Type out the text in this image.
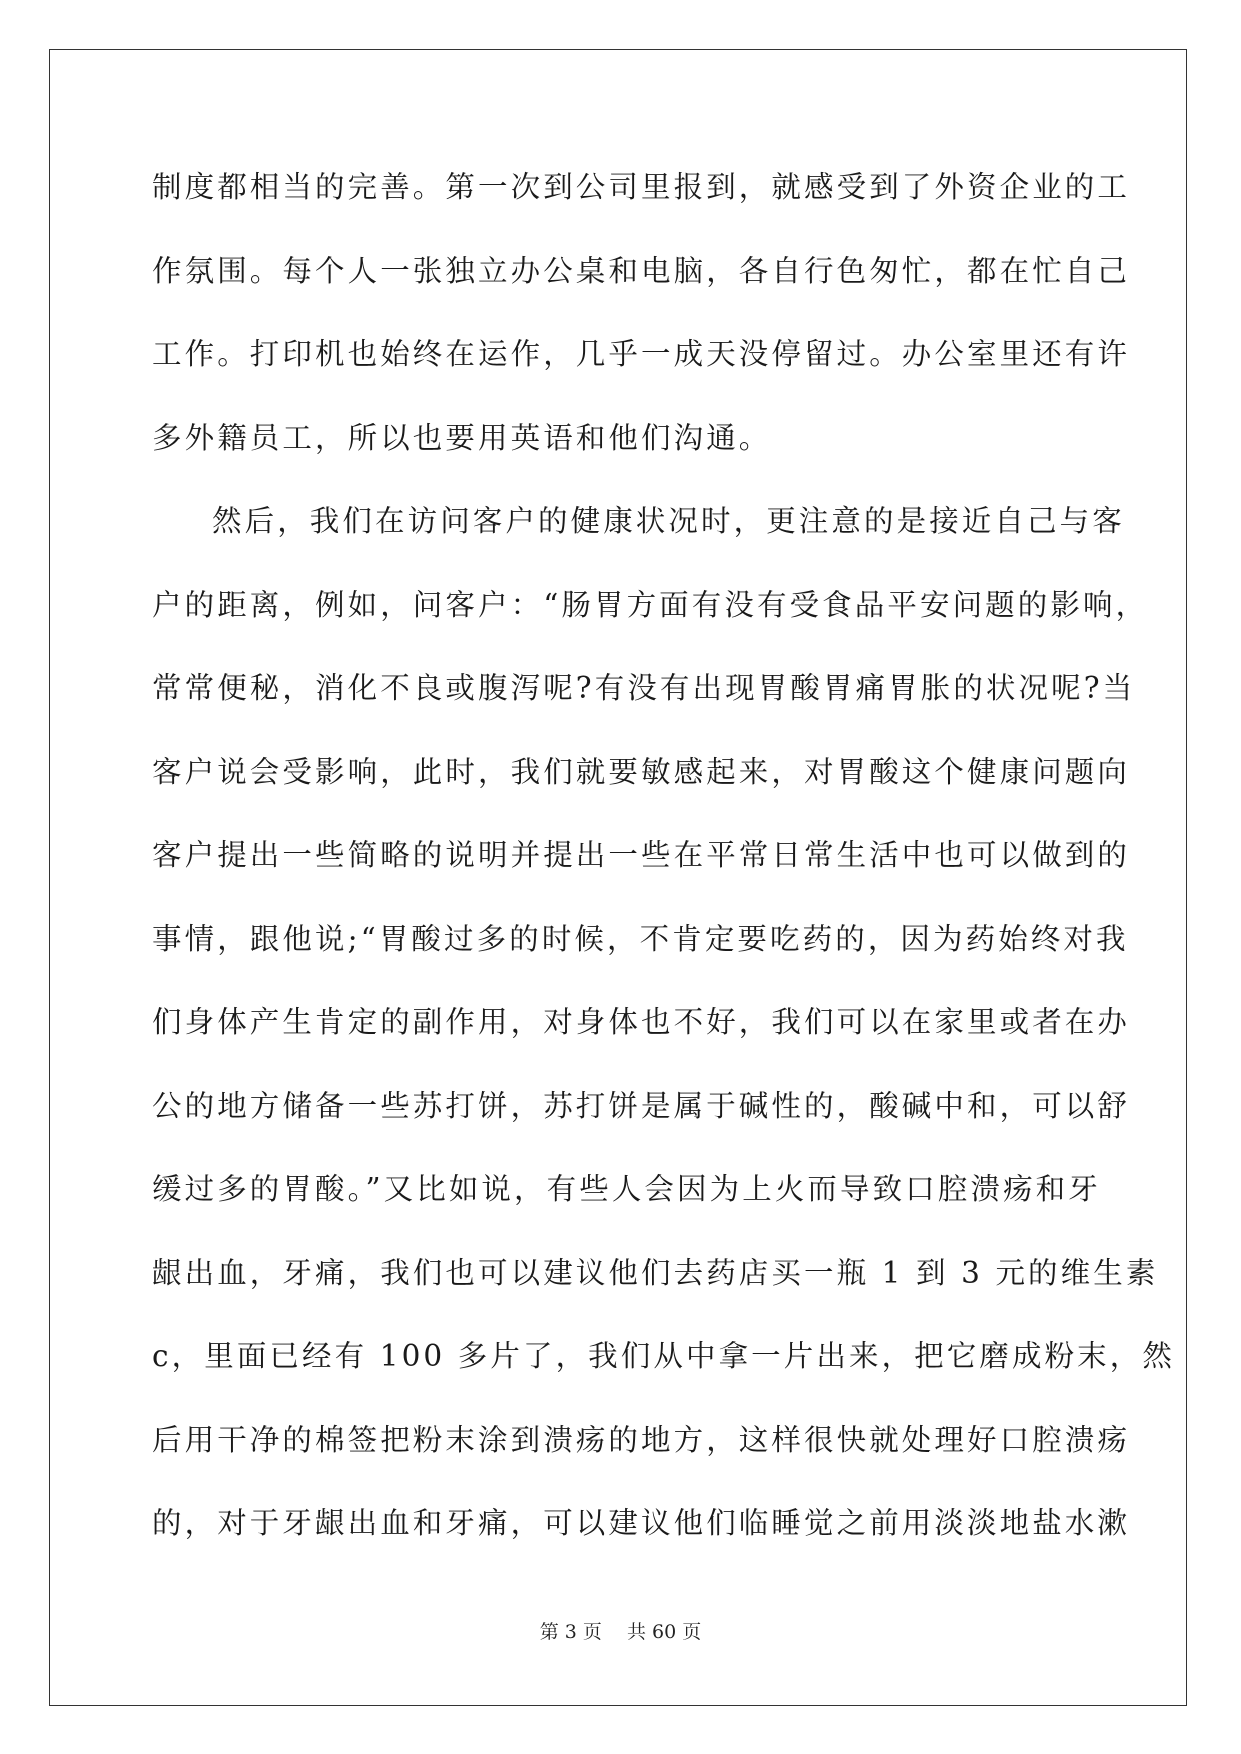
制度都相当的完善。第一次到公司里报到，就感受到了外资企业的工
作氛围。每个人一张独立办公桌和电脑，各自行色匆忙，都在忙自己
工作。打印机也始终在运作，几乎一成天没停留过。办公室里还有许
多外籍员工，所以也要用英语和他们沟通。
然后，我们在访问客户的健康状况时，更注意的是接近自己与客
户的距离，例如，问客户：“肠胃方面有没有受食品平安问题的影响，
常常便秘，消化不良或腹泻呢?有没有出现胃酸胃痛胃胀的状况呢?当
客户说会受影响，此时，我们就要敏感起来，对胃酸这个健康问题向
客户提出一些简略的说明并提出一些在平常日常生活中也可以做到的
事情，跟他说;“胃酸过多的时候，不肯定要吃药的，因为药始终对我
们身体产生肯定的副作用，对身体也不好，我们可以在家里或者在办
公的地方储备一些苏打饼，苏打饼是属于碱性的，酸碱中和，可以舒
缓过多的胃酸。”又比如说，有些人会因为上火而导致口腔溃疡和牙
龈出血，牙痛，我们也可以建议他们去药店买一瓶 1 到 3 元的维生素
c，里面已经有 100 多片了，我们从中拿一片出来，把它磨成粉末，然
后用干净的棉签把粉末涂到溃疡的地方，这样很快就处理好口腔溃疡
的，对于牙龈出血和牙痛，可以建议他们临睡觉之前用淡淡地盐水漱
第 3 页　 共 60 页
